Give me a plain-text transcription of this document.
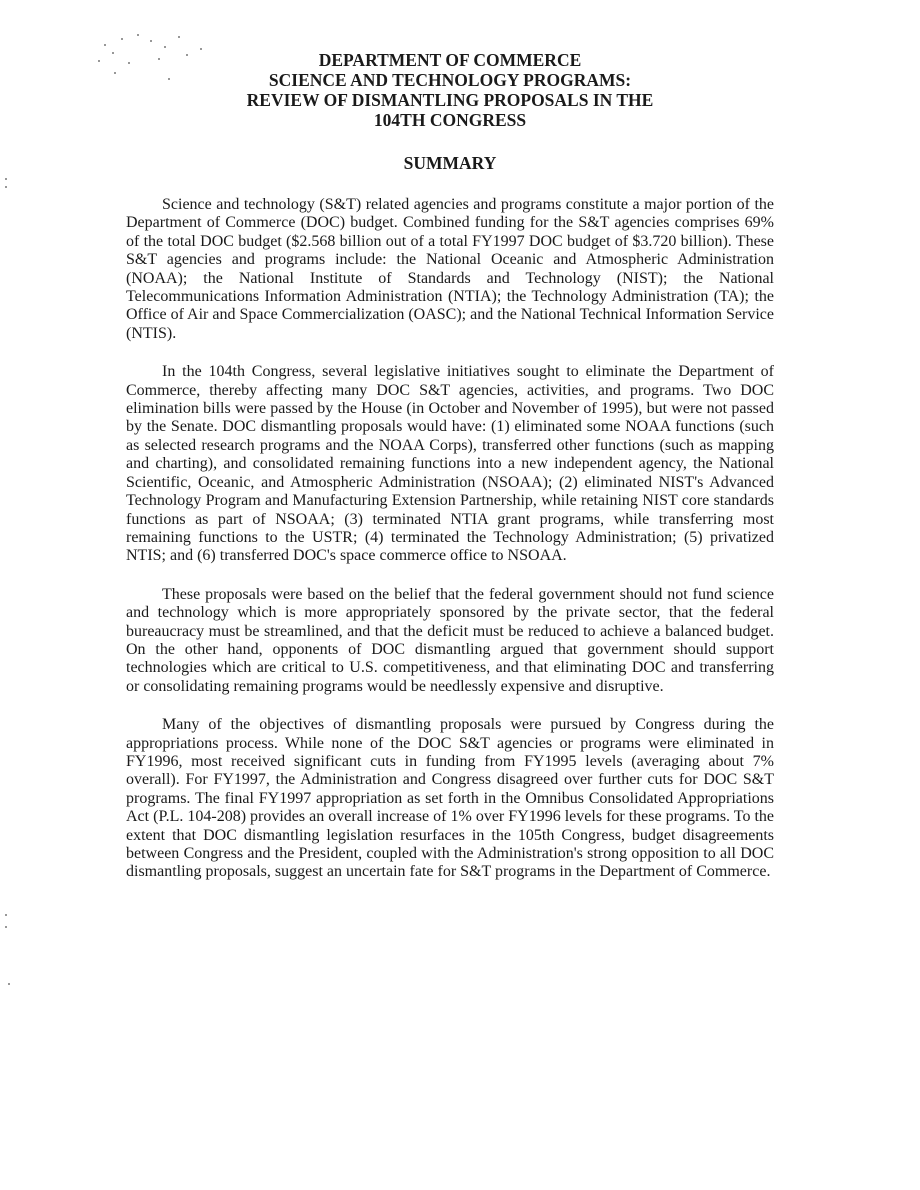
DEPARTMENT OF COMMERCE
SCIENCE AND TECHNOLOGY PROGRAMS:
REVIEW OF DISMANTLING PROPOSALS IN THE
104TH CONGRESS
SUMMARY

Science and technology (S&T) related agencies and programs constitute a major portion of the Department of Commerce (DOC) budget. Combined funding for the S&T agencies comprises 69% of the total DOC budget ($2.568 billion out of a total FY1997 DOC budget of $3.720 billion). These S&T agencies and programs include: the National Oceanic and Atmospheric Administration (NOAA); the National Institute of Standards and Technology (NIST); the National Telecommunications Information Administration (NTIA); the Technology Administration (TA); the Office of Air and Space Commercialization (OASC); and the National Technical Information Service (NTIS).

In the 104th Congress, several legislative initiatives sought to eliminate the Department of Commerce, thereby affecting many DOC S&T agencies, activities, and programs. Two DOC elimination bills were passed by the House (in October and November of 1995), but were not passed by the Senate. DOC dismantling proposals would have: (1) eliminated some NOAA functions (such as selected research programs and the NOAA Corps), transferred other functions (such as mapping and charting), and consolidated remaining functions into a new independent agency, the National Scientific, Oceanic, and Atmospheric Administration (NSOAA); (2) eliminated NIST's Advanced Technology Program and Manufacturing Extension Partnership, while retaining NIST core standards functions as part of NSOAA; (3) terminated NTIA grant programs, while transferring most remaining functions to the USTR; (4) terminated the Technology Administration; (5) privatized NTIS; and (6) transferred DOC's space commerce office to NSOAA.

These proposals were based on the belief that the federal government should not fund science and technology which is more appropriately sponsored by the private sector, that the federal bureaucracy must be streamlined, and that the deficit must be reduced to achieve a balanced budget. On the other hand, opponents of DOC dismantling argued that government should support technologies which are critical to U.S. competitiveness, and that eliminating DOC and transferring or consolidating remaining programs would be needlessly expensive and disruptive.

Many of the objectives of dismantling proposals were pursued by Congress during the appropriations process. While none of the DOC S&T agencies or programs were eliminated in FY1996, most received significant cuts in funding from FY1995 levels (averaging about 7% overall). For FY1997, the Administration and Congress disagreed over further cuts for DOC S&T programs. The final FY1997 appropriation as set forth in the Omnibus Consolidated Appropriations Act (P.L. 104-208) provides an overall increase of 1% over FY1996 levels for these programs. To the extent that DOC dismantling legislation resurfaces in the 105th Congress, budget disagreements between Congress and the President, coupled with the Administration's strong opposition to all DOC dismantling proposals, suggest an uncertain fate for S&T programs in the Department of Commerce.
